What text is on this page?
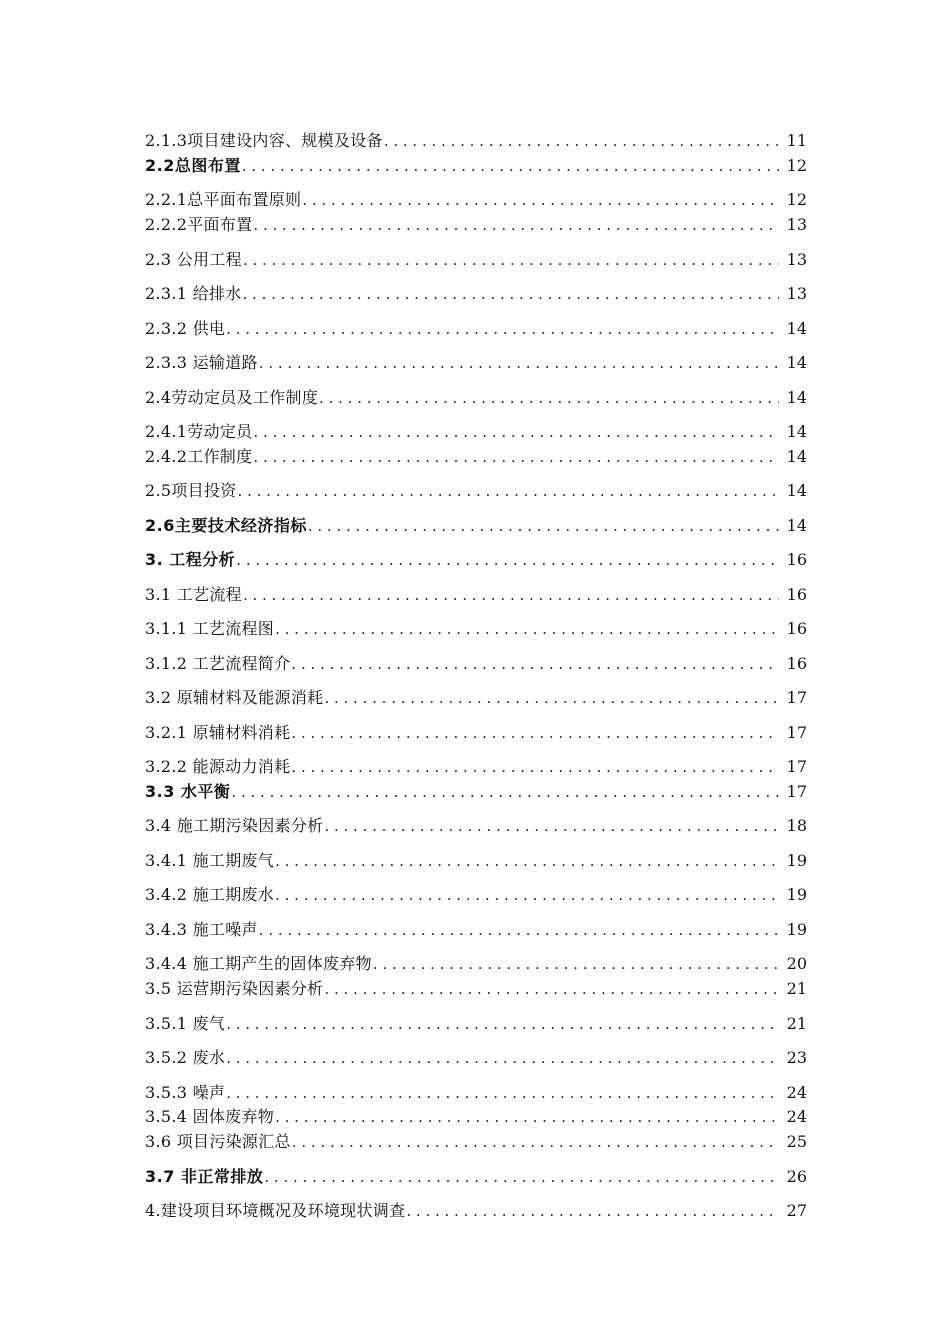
2.1.3项目建设内容、规模及设备 . . .	11
2.2总图布置 . . .	12
2.2.1总平面布置原则 . . .	12
2.2.2平面布置 . . .	13
2.3 公用工程 . . .	13
2.3.1 给排水 . . .	13
2.3.2 供电 . . .	14
2.3.3 运输道路 . . .	14
2.4劳动定员及工作制度 . . .	14
2.4.1劳动定员 . . .	14
2.4.2工作制度 . . .	14
2.5项目投资 . . .	14
2.6主要技术经济指标 . . .	14
3. 工程分析 . . .	16
3.1 工艺流程 . . .	16
3.1.1 工艺流程图 . . .	16
3.1.2 工艺流程简介 . . .	16
3.2 原辅材料及能源消耗 . . .	17
3.2.1 原辅材料消耗 . . .	17
3.2.2 能源动力消耗 . . .	17
3.3 水平衡 . . .	17
3.4 施工期污染因素分析 . . .	18
3.4.1 施工期废气 . . .	19
3.4.2 施工期废水 . . .	19
3.4.3 施工噪声 . . .	19
3.4.4 施工期产生的固体废弃物 . . .	20
3.5 运营期污染因素分析 . . .	21
3.5.1 废气 . . .	21
3.5.2 废水 . . .	23
3.5.3 噪声 . . .	24
3.5.4 固体废弃物 . . .	24
3.6 项目污染源汇总 . . .	25
3.7 非正常排放 . . .	26
4.建设项目环境概况及环境现状调查 . . .	27
